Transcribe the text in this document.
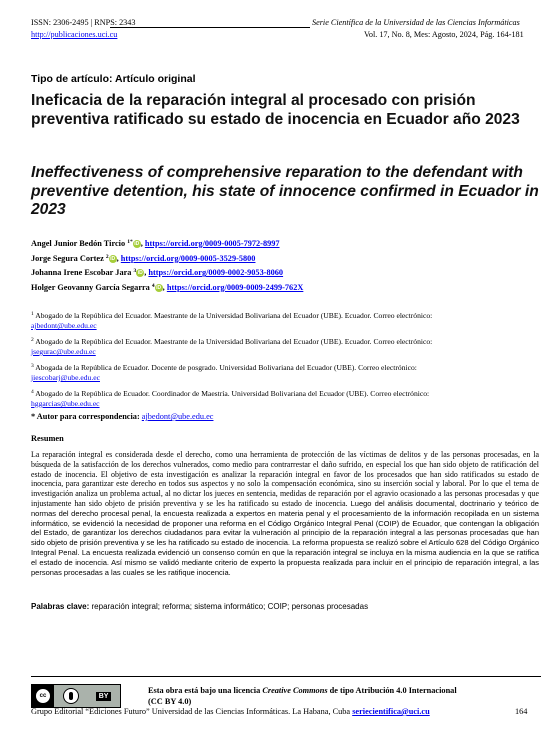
ISSN: 2306-2495 | RNPS: 2343	Serie Científica de la Universidad de las Ciencias Informáticas
http://publicaciones.uci.cu	Vol. 17, No. 8, Mes: Agosto, 2024, Pág. 164-181
Tipo de artículo: Artículo original
Ineficacia de la reparación integral al procesado con prisión preventiva ratificado su estado de inocencia en Ecuador año 2023
Ineffectiveness of comprehensive reparation to the defendant with preventive detention, his state of innocence confirmed in Ecuador in 2023
Angel Junior Bedón Tircio $^{1*}$ iD , https://orcid.org/0009-0005-7972-8997
Jorge Segura Cortez $^2$ iD , https://orcid.org/0009-0005-3529-5800
Johanna Irene Escobar Jara $^3$ iD , https://orcid.org/0009-0002-9053-8060
Holger Geovanny García Segarra $^4$ iD , https://orcid.org/0009-0009-2499-762X
$^1$ Abogado de la República del Ecuador. Maestrante de la Universidad Bolivariana del Ecuador (UBE). Ecuador. Correo electrónico:
ajbedont@ube.edu.ec
$^2$ Abogado de la República del Ecuador. Maestrante de la Universidad Bolivariana del Ecuador (UBE). Ecuador. Correo electrónico:
jsegurac@ube.edu.ec
$^3$ Abogada de la República de Ecuador. Docente de posgrado. Universidad Bolivariana del Ecuador (UBE). Correo electrónico:
jiescobarj@ube.edu.ec
$^4$ Abogado de la República de Ecuador. Coordinador de Maestría. Universidad Bolivariana del Ecuador (UBE). Correo electrónico:
hggarcias@ube.edu.ec
* Autor para correspondencia: ajbedont@ube.edu.ec
Resumen
La reparación integral es considerada desde el derecho, como una herramienta de protección de las víctimas de delitos y de las personas procesadas, en la búsqueda de la satisfacción de los derechos vulnerados, como medio para contrarrestar el daño sufrido, en especial los que han sido objeto de ratificación del estado de inocencia. El objetivo de esta investigación es analizar la reparación integral en favor de los procesados que han sido ratificados su estado de inocencia, para garantizar este derecho en todos sus aspectos y no solo la compensación económica, sino su inserción social y laboral. Por lo que el tema de investigación analiza un problema actual, al no dictar los jueces en sentencia, medidas de reparación por el agravio ocasionado a las personas procesadas y que injustamente han sido objeto de prisión preventiva y se les ha ratificado su estado de inocencia. Luego del análisis documental, doctrinario y teórico de normas del derecho procesal penal, la encuesta realizada a expertos en materia penal y el procesamiento de la información recopilada en un sistema informático, se evidenció la necesidad de proponer una reforma en el Código Orgánico Integral Penal (COIP) de Ecuador, que contengan la obligación del Estado, de garantizar los derechos ciudadanos para evitar la vulneración al principio de la reparación integral a las personas procesadas que han sido objeto de prisión preventiva y se les ha ratificado su estado de inocencia. La reforma propuesta se realizó sobre el Artículo 628 del Código Orgánico Integral Penal. La encuesta realizada evidenció un consenso común en que la reparación integral se incluya en la misma audiencia en la que se ratifica el estado de inocencia. Así mismo se validó mediante criterio de experto la propuesta realizada para incluir en el principio de reparación integral, a las personas procesadas a las cuales se les ratifique inocencia.
Palabras clave: reparación integral; reforma; sistema informático; COIP; personas procesadas
cc	BY
Esta obra está bajo una licencia Creative Commons de tipo Atribución 4.0 Internacional
(CC BY 4.0)
Grupo Editorial “Ediciones Futuro” Universidad de las Ciencias Informáticas. La Habana, Cuba seriecientifica@uci.cu	164
